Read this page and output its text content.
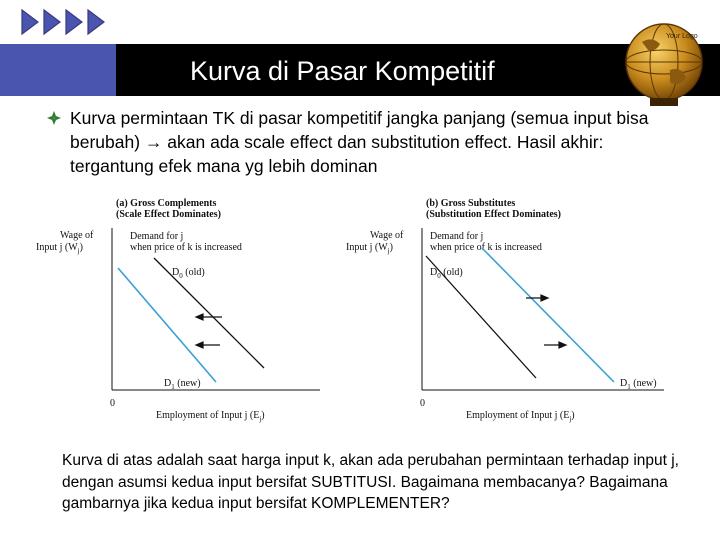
Kurva di Pasar Kompetitif
Your Logo
Kurva permintaan TK di pasar kompetitif jangka panjang (semua input bisa berubah) → akan ada scale effect dan substitution effect. Hasil akhir: tergantung efek mana yg lebih dominan
(a) Gross Complements
(Scale Effect Dominates)
Wage of
Input j $(W_j)$
Demand for j
when price of k is increased
$D_0$ (old)
$D_1$ (new)
0
Employment of Input j $(E_j)$
(b) Gross Substitutes
(Substitution Effect Dominates)
Wage of
Input j $(W_j)$
Demand for j
when price of k is increased
$D_0$ (old)
$D_1$ (new)
0
Employment of Input j $(E_j)$
Kurva di atas adalah saat harga input k, akan ada perubahan permintaan terhadap input j, dengan asumsi kedua input bersifat SUBTITUSI. Bagaimana membacanya? Bagaimana gambarnya jika kedua input bersifat KOMPLEMENTER?
